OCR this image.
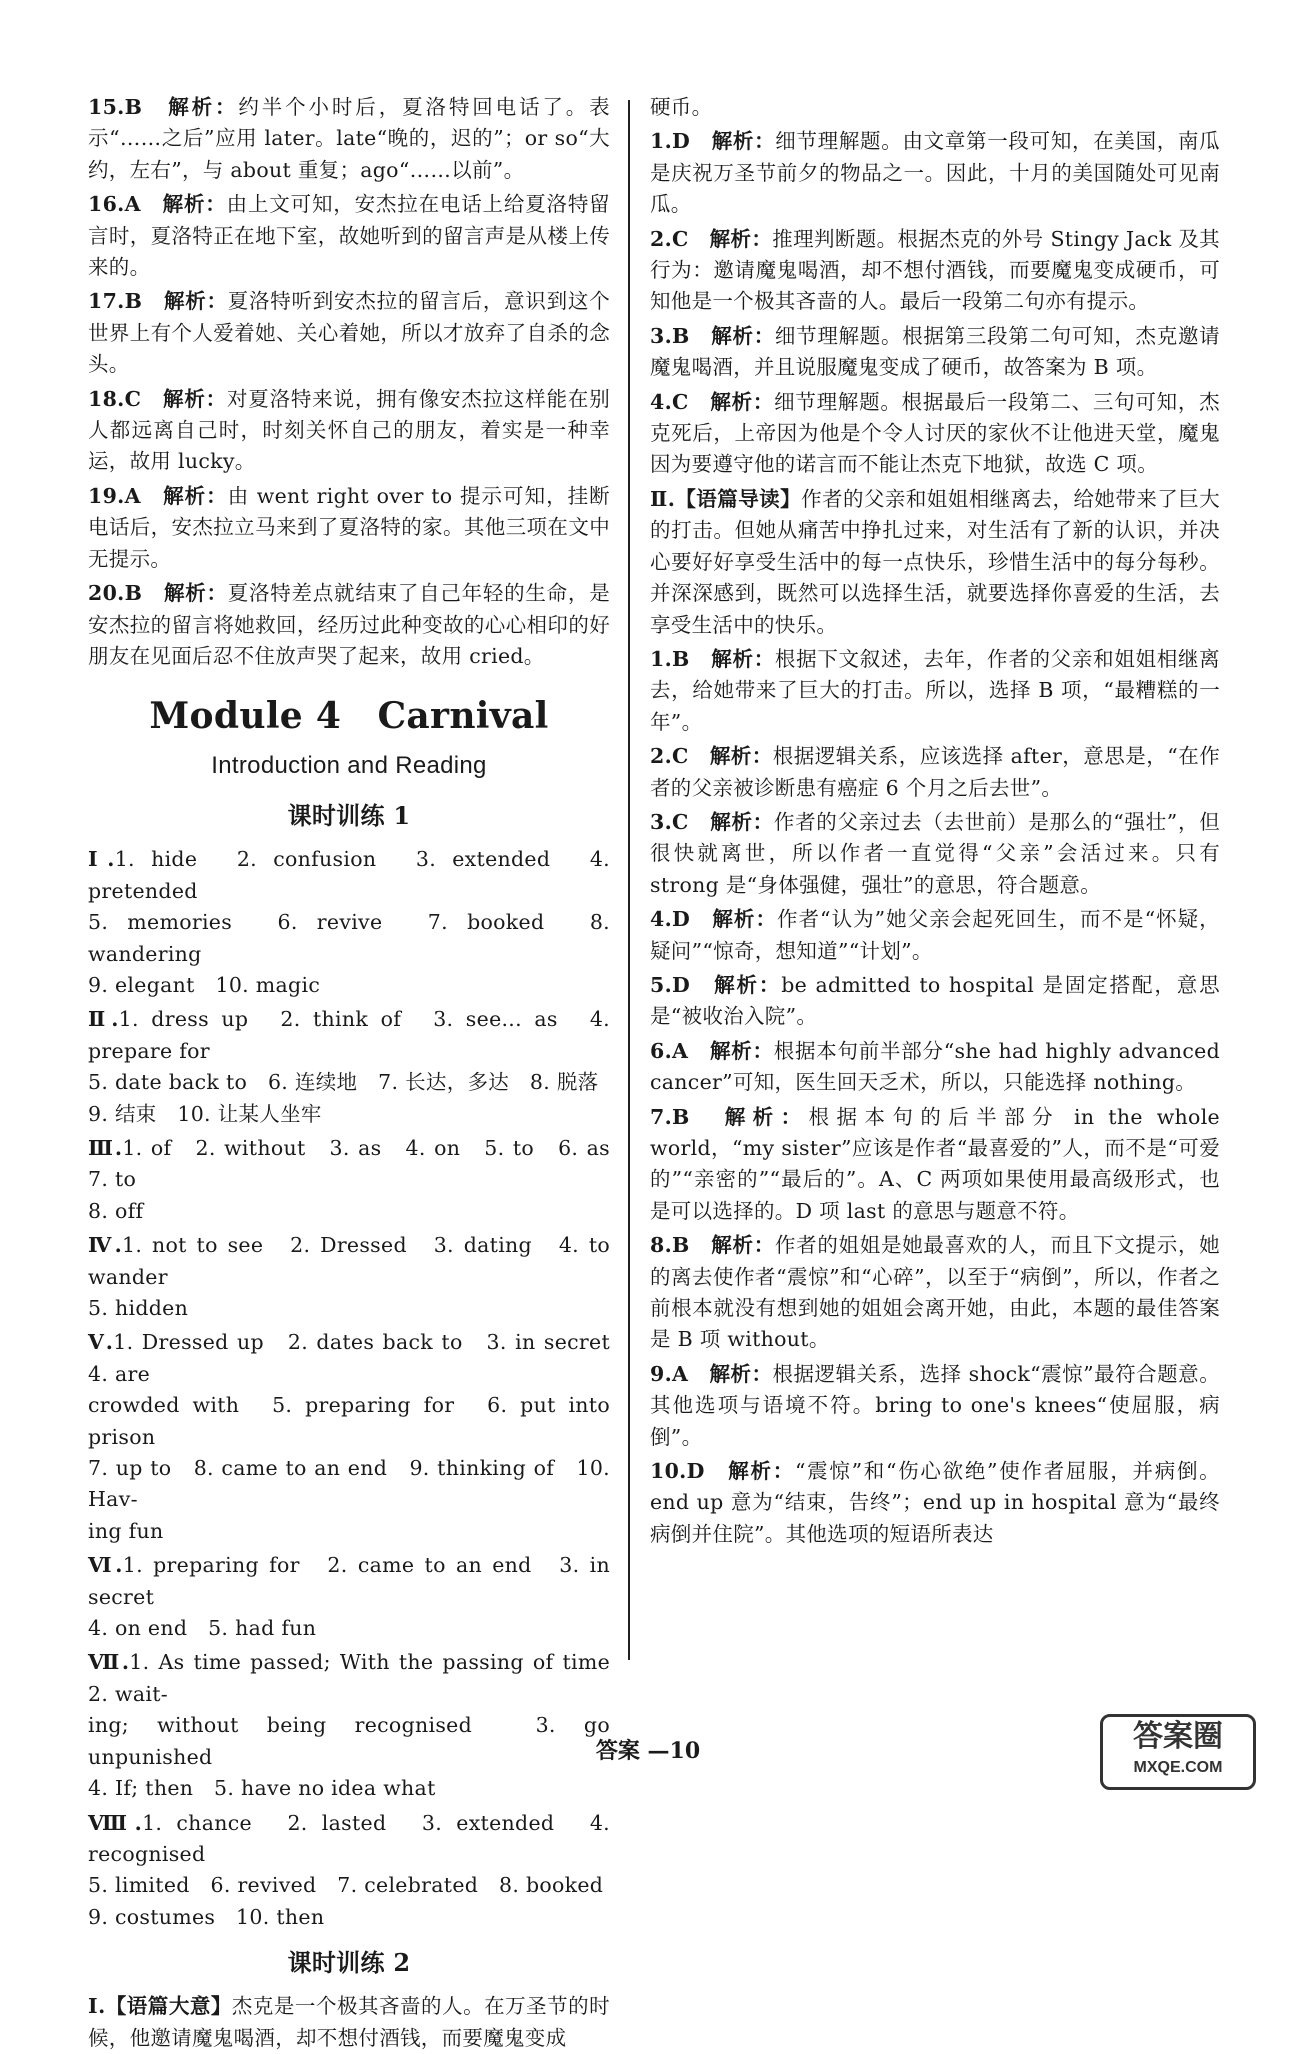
15.B　 解析：约半个小时后，夏洛特回电话了。表示“……之后”应用 later。late“晚的，迟的”；or so“大约，左右”，与 about 重复；ago“……以前”。

16.A　 解析：由上文可知，安杰拉在电话上给夏洛特留言时，夏洛特正在地下室，故她听到的留言声是从楼上传来的。

17.B　 解析：夏洛特听到安杰拉的留言后，意识到这个世界上有个人爱着她、关心着她，所以才放弃了自杀的念头。

18.C　 解析：对夏洛特来说，拥有像安杰拉这样能在别人都远离自己时，时刻关怀自己的朋友，着实是一种幸运，故用 lucky。

19.A　 解析：由 went right over to 提示可知，挂断电话后，安杰拉立马来到了夏洛特的家。其他三项在文中无提示。

20.B　 解析：夏洛特差点就结束了自己年轻的生命，是安杰拉的留言将她救回，经历过此种变故的心心相印的好朋友在见面后忍不住放声哭了起来，故用 cried。

Module 4　Carnival
Introduction and Reading
课时训练 1
Ⅰ.1. hide　2. confusion　3. extended　4. pretended
5. memories　6. revive　7. booked　8. wandering
9. elegant　10. magic
Ⅱ.1. dress up　2. think of　3. see... as　4. prepare for
5. date back to　6. 连续地　7. 长达，多达　8. 脱落
9. 结束　10. 让某人坐牢
Ⅲ.1. of　2. without　3. as　4. on　5. to　6. as　7. to
8. off
Ⅳ.1. not to see　2. Dressed　3. dating　4. to wander
5. hidden
Ⅴ.1. Dressed up　2. dates back to　3. in secret　4. are
crowded with　5. preparing for　6. put into prison
7. up to　8. came to an end　9. thinking of　10. Hav-
ing fun
Ⅵ.1. preparing for　2. came to an end　3. in secret
4. on end　5. had fun
Ⅶ.1. As time passed; With the passing of time　2. wait-
ing; without being recognised　3. go unpunished
4. If; then　5. have no idea what
Ⅷ.1. chance　2. lasted　3. extended　4. recognised
5. limited　6. revived　7. celebrated　8. booked
9. costumes　10. then
课时训练 2

Ⅰ.【语篇大意】杰克是一个极其吝啬的人。在万圣节的时候，他邀请魔鬼喝酒，却不想付酒钱，而要魔鬼变成

硬币。

1.D　 解析：细节理解题。由文章第一段可知，在美国，南瓜是庆祝万圣节前夕的物品之一。因此，十月的美国随处可见南瓜。

2.C　 解析：推理判断题。根据杰克的外号 Stingy Jack 及其行为：邀请魔鬼喝酒，却不想付酒钱，而要魔鬼变成硬币，可知他是一个极其吝啬的人。最后一段第二句亦有提示。

3.B　 解析：细节理解题。根据第三段第二句可知，杰克邀请魔鬼喝酒，并且说服魔鬼变成了硬币，故答案为 B 项。

4.C　 解析：细节理解题。根据最后一段第二、三句可知，杰克死后，上帝因为他是个令人讨厌的家伙不让他进天堂，魔鬼因为要遵守他的诺言而不能让杰克下地狱，故选 C 项。

Ⅱ.【语篇导读】作者的父亲和姐姐相继离去，给她带来了巨大的打击。但她从痛苦中挣扎过来，对生活有了新的认识，并决心要好好享受生活中的每一点快乐，珍惜生活中的每分每秒。并深深感到，既然可以选择生活，就要选择你喜爱的生活，去享受生活中的快乐。

1.B　 解析：根据下文叙述，去年，作者的父亲和姐姐相继离去，给她带来了巨大的打击。所以，选择 B 项，“最糟糕的一年”。

2.C　 解析：根据逻辑关系，应该选择 after，意思是，“在作者的父亲被诊断患有癌症 6 个月之后去世”。

3.C　 解析：作者的父亲过去（去世前）是那么的“强壮”，但很快就离世，所以作者一直觉得“父亲”会活过来。只有 strong 是“身体强健，强壮”的意思，符合题意。

4.D　 解析：作者“认为”她父亲会起死回生，而不是“怀疑，疑问”“惊奇，想知道”“计划”。

5.D　 解析：be admitted to hospital 是固定搭配，意思是“被收治入院”。

6.A　 解析：根据本句前半部分“she had highly advanced cancer”可知，医生回天乏术，所以，只能选择 nothing。

7.B　 解析：根据本句的后半部分 in the whole world，“my sister”应该是作者“最喜爱的”人，而不是“可爱的”“亲密的”“最后的”。A、C 两项如果使用最高级形式，也是可以选择的。D 项 last 的意思与题意不符。

8.B　 解析：作者的姐姐是她最喜欢的人，而且下文提示，她的离去使作者“震惊”和“心碎”，以至于“病倒”，所以，作者之前根本就没有想到她的姐姐会离开她，由此，本题的最佳答案是 B 项 without。

9.A　 解析：根据逻辑关系，选择 shock“震惊”最符合题意。其他选项与语境不符。bring to one's knees“使屈服，病倒”。

10.D　 解析：“震惊”和“伤心欲绝”使作者屈服，并病倒。end up 意为“结束，告终”；end up in hospital 意为“最终病倒并住院”。其他选项的短语所表达

答案 —10	答案圈
MXQE.COM
